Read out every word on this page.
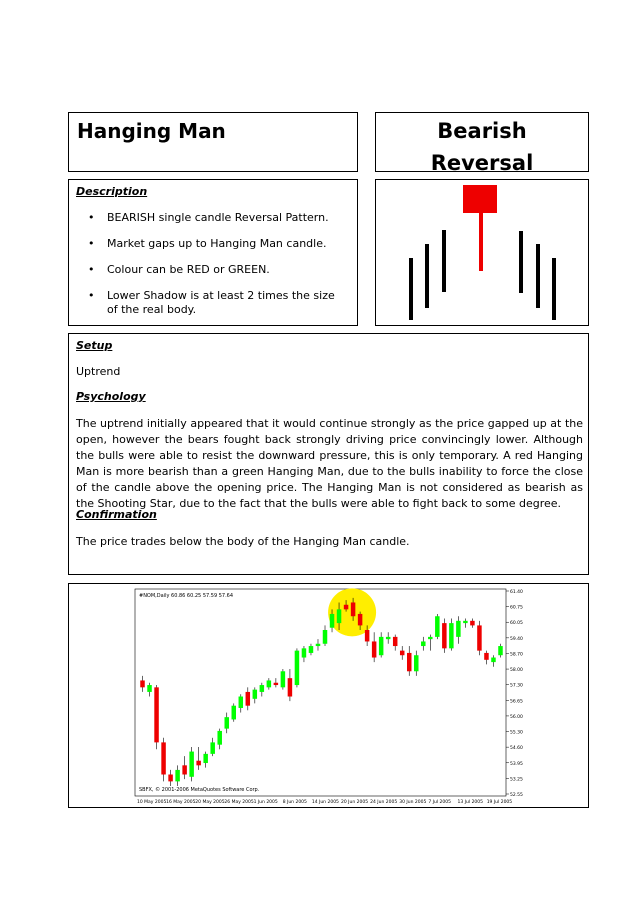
Hanging Man	Bearish
Reversal
Description
• BEARISH single candle Reversal Pattern.
• Market gaps up to Hanging Man candle.
• Colour can be RED or GREEN.
• Lower Shadow is at least 2 times the size of the real body.
Setup
Uptrend
Psychology
The uptrend initially appeared that it would continue strongly as the price gapped up at the open, however the bears fought back strongly driving price convincingly lower. Although the bulls were able to resist the downward pressure, this is only temporary. A red Hanging Man is more bearish than a green Hanging Man, due to the bulls inability to force the close of the candle above the opening price. The Hanging Man is not considered as bearish as the Shooting Star, due to the fact that the bulls were able to fight back to some degree.
Confirmation
The price trades below the body of the Hanging Man candle.
#NOM,Daily 60.86 60.25 57.59 57.64
SBFX, © 2001-2006 MetaQuotes Software Corp.
61.40
60.75
60.05
59.40
58.70
58.00
57.30
56.65
56.00
55.30
54.60
53.95
53.25
52.55
10 May 2005 16 May 2005 20 May 2005 26 May 2005 1 Jun 2005 8 Jun 2005 14 Jun 2005 20 Jun 2005 24 Jun 2005 30 Jun 2005 7 Jul 2005 13 Jul 2005 19 Jul 2005
